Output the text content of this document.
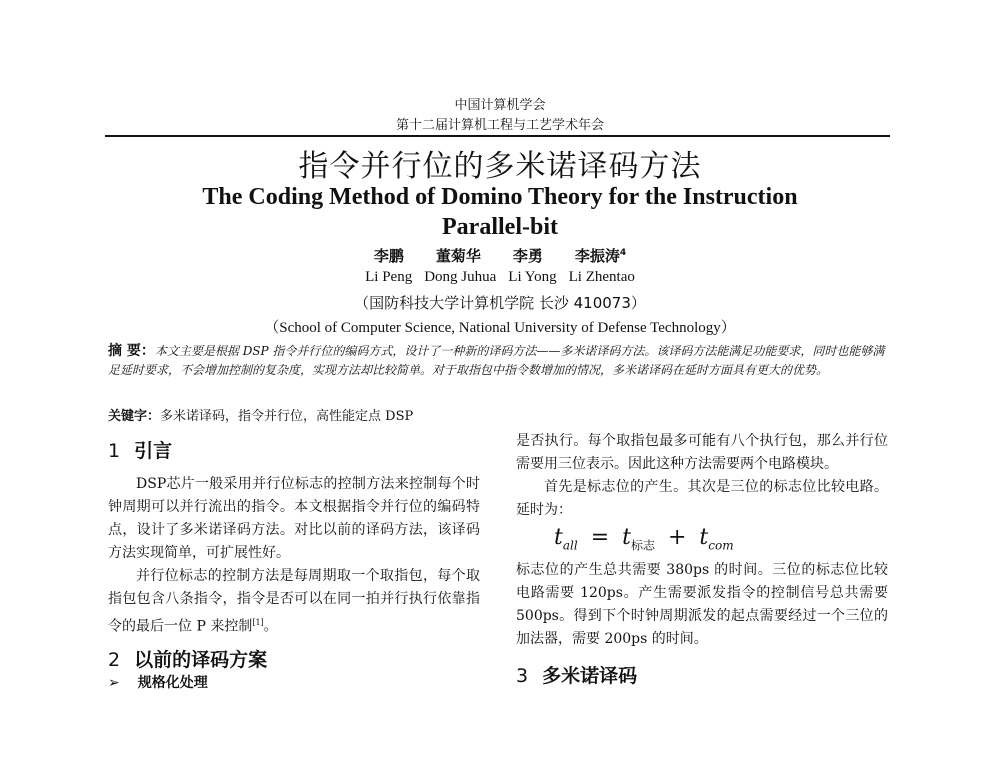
中国计算机学会
第十二届计算机工程与工艺学术年会
指令并行位的多米诺译码方法
The Coding Method of Domino Theory for the Instruction
Parallel-bit
李鹏 董菊华 李勇 李振涛$^4$
Li Peng Dong Juhua Li Yong Li Zhentao
（国防科技大学计算机学院 长沙 410073）
（School of Computer Science, National University of Defense Technology）
摘 要：本文主要是根据 DSP 指令并行位的编码方式，设计了一种新的译码方法——多米诺译码方法。该译码方法能满足功能要求，同时也能够满足延时要求，不会增加控制的复杂度，实现方法却比较简单。对于取指包中指令数增加的情况，多米诺译码在延时方面具有更大的优势。
关键字：多米诺译码，指令并行位，高性能定点 DSP
1 引言

DSP芯片一般采用并行位标志的控制方法来控制每个时钟周期可以并行流出的指令。本文根据指令并行位的编码特点，设计了多米诺译码方法。对比以前的译码方法，该译码方法实现简单，可扩展性好。

并行位标志的控制方法是每周期取一个取指包，每个取指包包含八条指令，指令是否可以在同一拍并行执行依靠指令的最后一位 P 来控制[1]。

2 以前的译码方案
➢ 规格化处理

是否执行。每个取指包最多可能有八个执行包，那么并行位需要用三位表示。因此这种方法需要两个电路模块。

首先是标志位的产生。其次是三位的标志位比较电路。延时为：

$t_{all} = t_{标志} + t_{com}$

标志位的产生总共需要 380ps 的时间。三位的标志位比较电路需要 120ps。产生需要派发指令的控制信号总共需要 500ps。得到下个时钟周期派发的起点需要经过一个三位的加法器，需要 200ps 的时间。

3 多米诺译码
